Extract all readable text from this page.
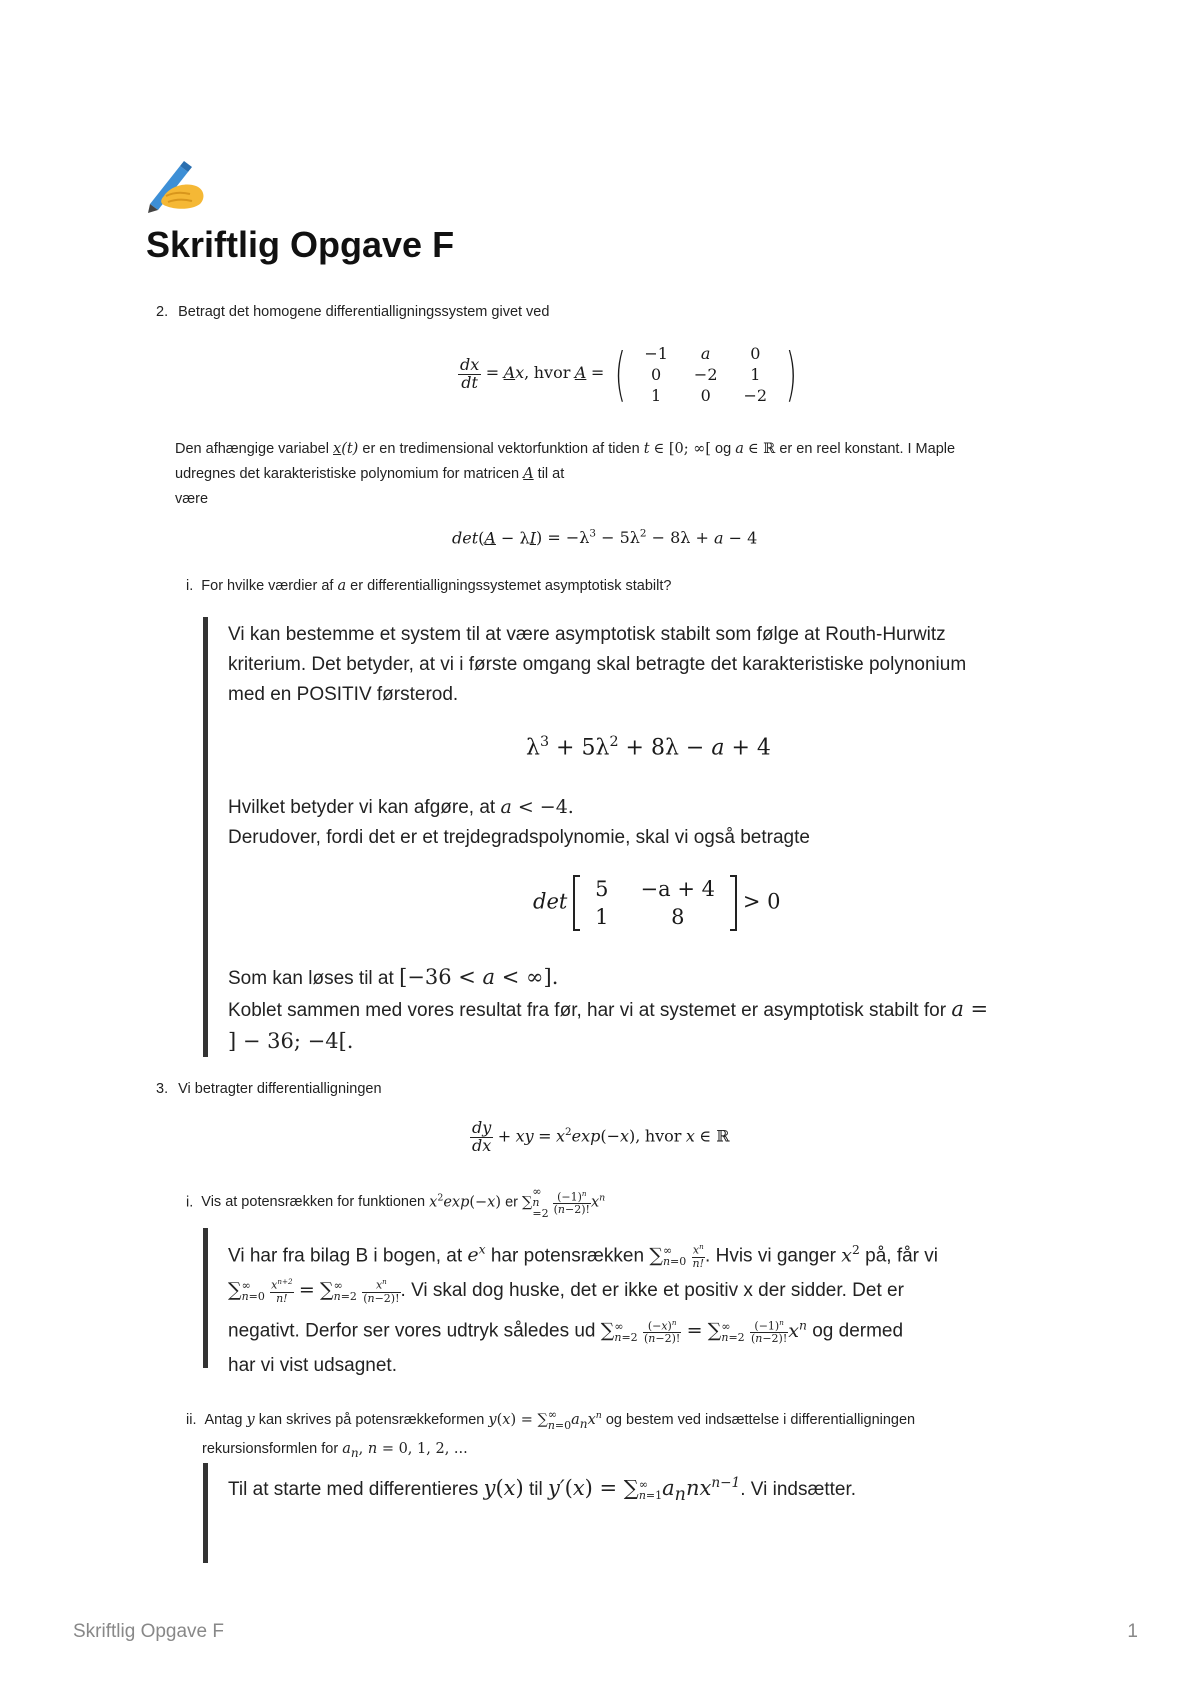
Skriftlig Opgave F
2. Betragt det homogene differentialligningssystem givet ved
$\frac{dx}{dt} = Ax$, hvor A = ( −1	a	0
0	−2	1
1	0	−2 )
Den afhængige variabel x(t) er en tredimensional vektorfunktion af tiden t ∈ [0; ∞[ og a ∈ ℝ er en reel konstant. I Maple
udregnes det karakteristiske polynomium for matricen A til at
være
$\det(A - \lambda I) = -\lambda^3 - 5\lambda^2 - 8\lambda + a - 4$
i. For hvilke værdier af a er differentialligningssystemet asymptotisk stabilt?
Vi kan bestemme et system til at være asymptotisk stabilt som følge at Routh-Hurwitz
kriterium. Det betyder, at vi i første omgang skal betragte det karakteristiske polynonium
med en POSITIV førsterod.
$\lambda^3 + 5\lambda^2 + 8\lambda - a + 4$
Hvilket betyder vi kan afgøre, at a < −4.
Derudover, fordi det er et trejdegradspolynomie, skal vi også betragte
det
5	−a + 4
1	8 > 0
Som kan løses til at [−36 < a < ∞].
Koblet sammen med vores resultat fra før, har vi at systemet er asymptotisk stabilt for a =
] − 36; −4[.
3. Vi betragter differentialligningen
$\frac{dy}{dx}$ + xy = $x^2\exp(-x)$, hvor x ∈ ℝ
i. Vis at potensrækken for funktionen $x^2\exp(-x)$ er ∑
∞
n
=2
$\frac{(-1)^n}{(n-2)!} x^n$
Vi har fra bilag B i bogen, at $e^x$ har potensrækken ∑ ∞
n=0
$\frac{x^n}{n!}$ . Hvis vi ganger $x^2$ på, får vi
∑ ∞
n=0
$\frac{x^{n+2}}{n!}$ = ∑ ∞
n=2
$\frac{x^n}{(n-2)!}$ . Vi skal dog huske, det er ikke et positiv x der sidder. Det er
negativt. Derfor ser vores udtryk således ud ∑ ∞
n=2
$\frac{(-x)^n}{(n-2)!}$ = ∑ ∞
n=2
$\frac{(-1)^n}{(n-2)!} x^n$ og dermed
har vi vist udsagnet.
ii. Antag y kan skrives på potensrækkeformen y(x) = ∑ ∞
n=0 $a_nx^n$ og bestem ved indsættelse i differentialligningen
rekursionsformlen for $a_n$, n = 0, 1, 2, ...
Til at starte med differentieres y(x) til y′(x) = ∑ ∞
n=1 $a_nnx^{n-1}$. Vi indsætter.
Skriftlig Opgave F	1
